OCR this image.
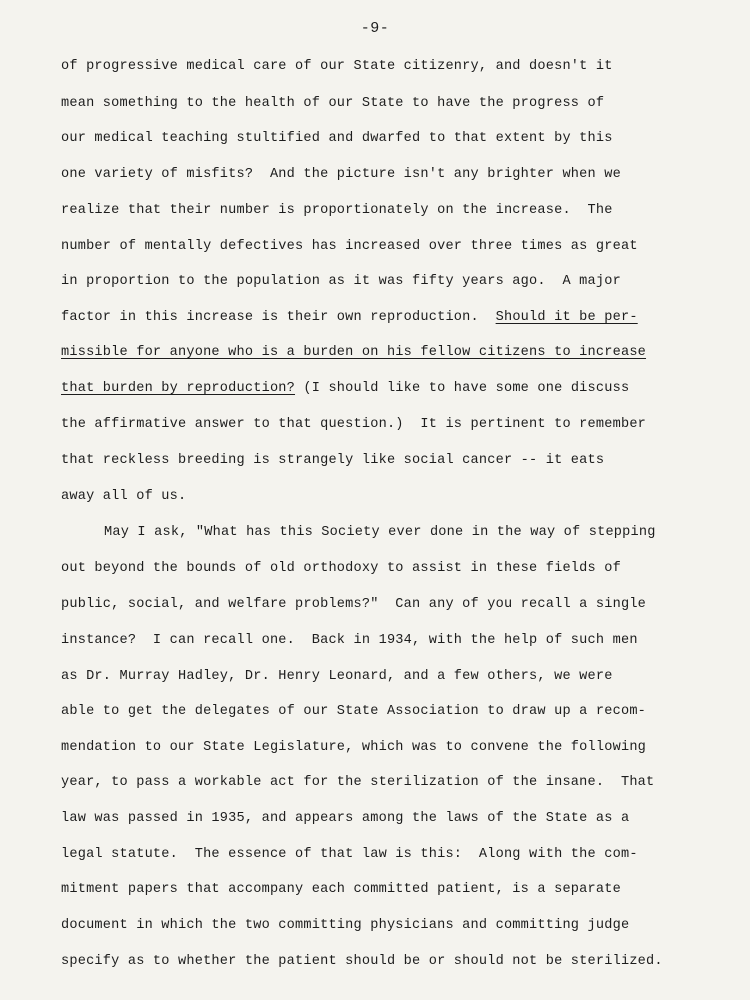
-9-
of progressive medical care of our State citizenry, and doesn't it
mean something to the health of our State to have the progress of
our medical teaching stultified and dwarfed to that extent by this
one variety of misfits?  And the picture isn't any brighter when we
realize that their number is proportionately on the increase.  The
number of mentally defectives has increased over three times as great
in proportion to the population as it was fifty years ago.  A major
factor in this increase is their own reproduction.  Should it be per-
missible for anyone who is a burden on his fellow citizens to increase
that burden by reproduction? (I should like to have some one discuss
the affirmative answer to that question.)  It is pertinent to remember
that reckless breeding is strangely like social cancer -- it eats
away all of us.
May I ask, "What has this Society ever done in the way of stepping
out beyond the bounds of old orthodoxy to assist in these fields of
public, social, and welfare problems?"  Can any of you recall a single
instance?  I can recall one.  Back in 1934, with the help of such men
as Dr. Murray Hadley, Dr. Henry Leonard, and a few others, we were
able to get the delegates of our State Association to draw up a recom-
mendation to our State Legislature, which was to convene the following
year, to pass a workable act for the sterilization of the insane.  That
law was passed in 1935, and appears among the laws of the State as a
legal statute.  The essence of that law is this:  Along with the com-
mitment papers that accompany each committed patient, is a separate
document in which the two committing physicians and committing judge
specify as to whether the patient should be or should not be sterilized.
